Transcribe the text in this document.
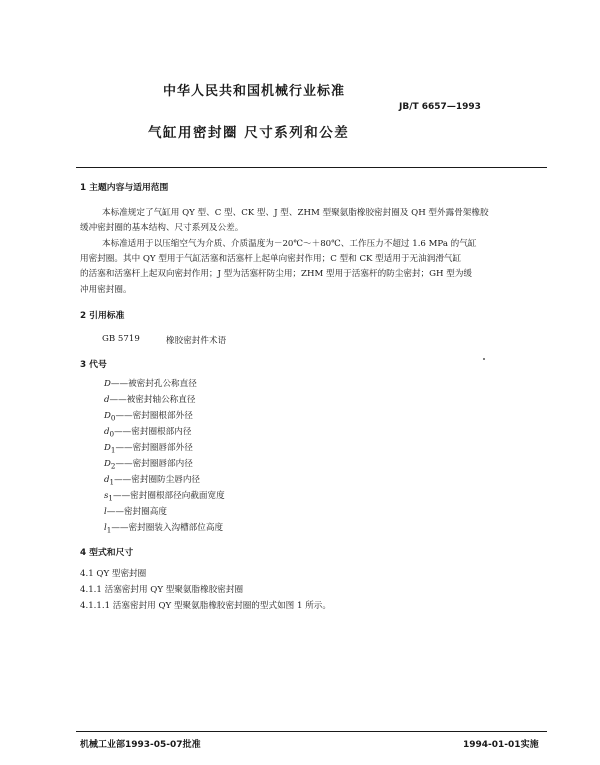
中华人民共和国机械行业标准
JB/T 6657—1993
气缸用密封圈 尺寸系列和公差
1 主题内容与适用范围
本标准规定了气缸用 QY 型、C 型、CK 型、J 型、ZHM 型聚氨脂橡胶密封圈及 QH 型外露骨架橡胶
缓冲密封圈的基本结构、尺寸系列及公差。
本标准适用于以压缩空气为介质、介质温度为－20℃～＋80℃、工作压力不超过 1.6 MPa 的气缸
用密封圈。其中 QY 型用于气缸活塞和活塞杆上起单向密封作用；C 型和 CK 型适用于无油润滑气缸
的活塞和活塞杆上起双向密封作用；J 型为活塞杆防尘用；ZHM 型用于活塞杆的防尘密封；GH 型为缓
冲用密封圈。
2 引用标准
GB 5719	橡胶密封件术语
3 代号
D——被密封孔公称直径
d——被密封轴公称直径
$D_0——$密封圈根部外径
$d_0——$密封圈根部内径
$D_1——$密封圈唇部外径
$D_2——$密封圈唇部内径
$d_1——$密封圈防尘唇内径
$s_1——$密封圈根部径向截面宽度
l——密封圈高度
$l_1——$密封圈装入沟槽部位高度
4 型式和尺寸
4.1 QY 型密封圈
4.1.1 活塞密封用 QY 型聚氨脂橡胶密封圈
4.1.1.1 活塞密封用 QY 型聚氨脂橡胶密封圈的型式如图 1 所示。
机械工业部1993-05-07批准	1994-01-01实施
